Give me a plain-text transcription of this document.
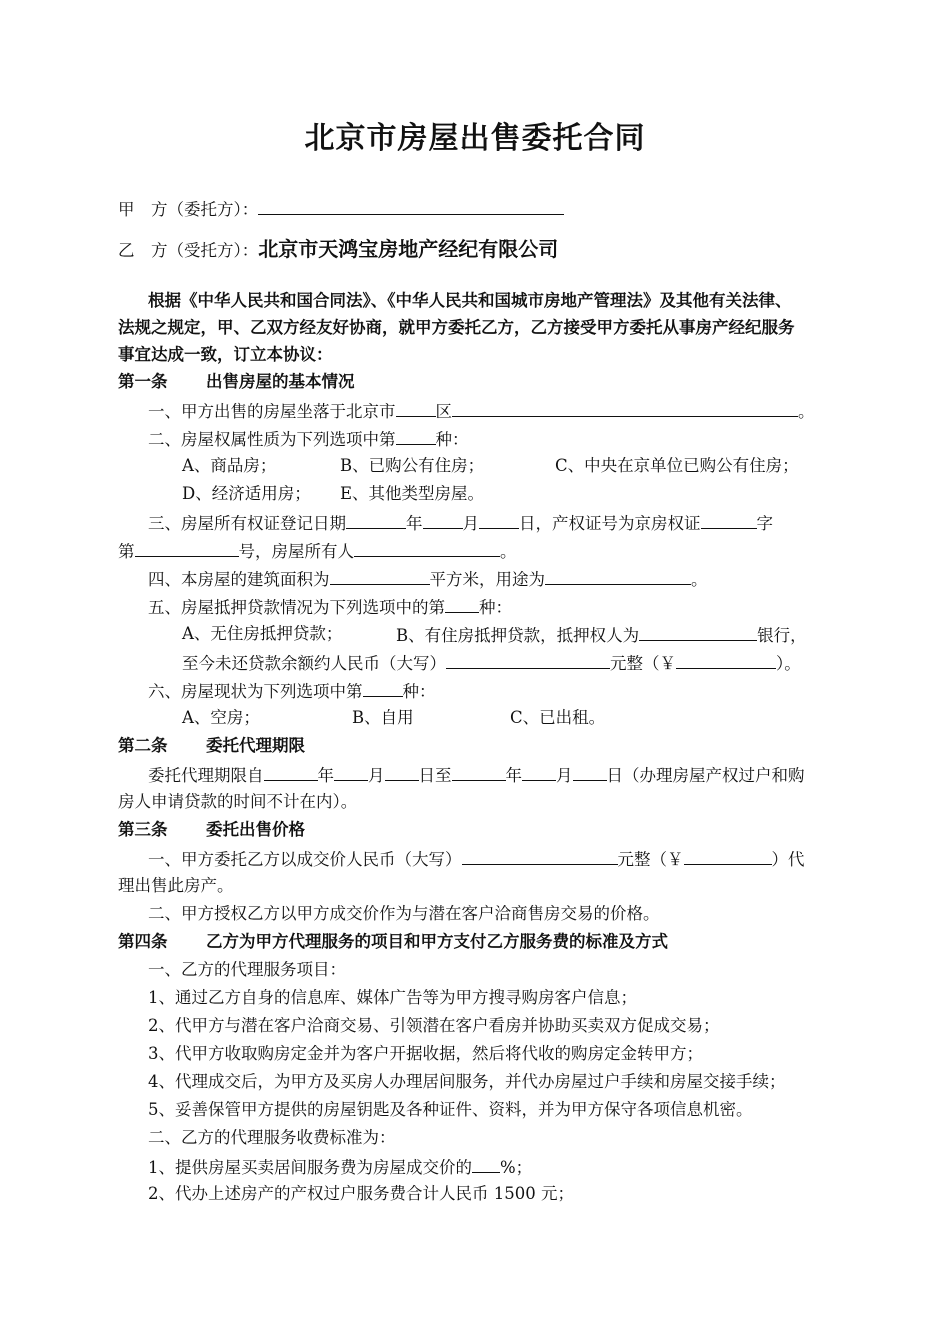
北京市房屋出售委托合同
甲　方（委托方）：
乙　方（受托方）：北京市天鸿宝房地产经纪有限公司
根据《中华人民共和国合同法》、《中华人民共和国城市房地产管理法》及其他有关法律、
法规之规定，甲、乙双方经友好协商，就甲方委托乙方，乙方接受甲方委托从事房产经纪服务
事宜达成一致，订立本协议：
第一条 出售房屋的基本情况
一、甲方出售的房屋坐落于北京市 区	。
二、房屋权属性质为下列选项中第 种：
A、商品房；	B、已购公有住房；	C、中央在京单位已购公有住房；
D、经济适用房； E、其他类型房屋。
三、房屋所有权证登记日期	年 月 日，产权证号为京房权证	字
第	号，房屋所有人	。
四、本房屋的建筑面积为	平方米，用途为	。
五、房屋抵押贷款情况为下列选项中的第 种：
A、无住房抵押贷款；	B、有住房抵押贷款，抵押权人为	银行，
至今未还贷款余额约人民币（大写）	元整（￥	）。
六、房屋现状为下列选项中第 种：
A、空房；	B、自用	C、已出租。
第二条 委托代理期限
委托代理期限自	年 月 日至	年 月 日（办理房屋产权过户和购
房人申请贷款的时间不计在内）。
第三条 委托出售价格
一、甲方委托乙方以成交价人民币（大写）	元整（￥	）代
理出售此房产。
二、甲方授权乙方以甲方成交价作为与潜在客户洽商售房交易的价格。
第四条 乙方为甲方代理服务的项目和甲方支付乙方服务费的标准及方式
一、乙方的代理服务项目：
1、通过乙方自身的信息库、媒体广告等为甲方搜寻购房客户信息；
2、代甲方与潜在客户洽商交易、引领潜在客户看房并协助买卖双方促成交易；
3、代甲方收取购房定金并为客户开据收据，然后将代收的购房定金转甲方；
4、代理成交后，为甲方及买房人办理居间服务，并代办房屋过户手续和房屋交接手续；
5、妥善保管甲方提供的房屋钥匙及各种证件、资料，并为甲方保守各项信息机密。
二、乙方的代理服务收费标准为：
1、提供房屋买卖居间服务费为房屋成交价的 %；
2、代办上述房产的产权过户服务费合计人民币 1500 元；
